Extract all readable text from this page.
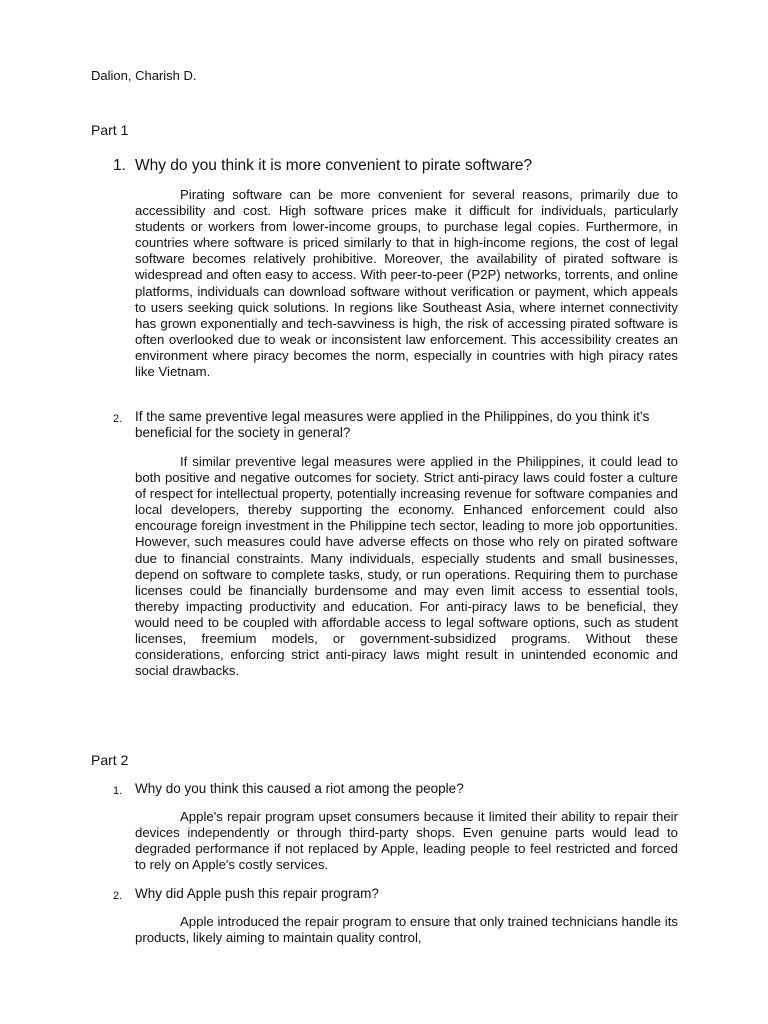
Dalion, Charish D.
Part 1
1. Why do you think it is more convenient to pirate software?

Pirating software can be more convenient for several reasons, primarily due to accessibility and cost. High software prices make it difficult for individuals, particularly students or workers from lower-income groups, to purchase legal copies. Furthermore, in countries where software is priced similarly to that in high-income regions, the cost of legal software becomes relatively prohibitive. Moreover, the availability of pirated software is widespread and often easy to access. With peer-to-peer (P2P) networks, torrents, and online platforms, individuals can download software without verification or payment, which appeals to users seeking quick solutions. In regions like Southeast Asia, where internet connectivity has grown exponentially and tech-savviness is high, the risk of accessing pirated software is often overlooked due to weak or inconsistent law enforcement. This accessibility creates an environment where piracy becomes the norm, especially in countries with high piracy rates like Vietnam.

2. If the same preventive legal measures were applied in the Philippines, do you think it's beneficial for the society in general?

If similar preventive legal measures were applied in the Philippines, it could lead to both positive and negative outcomes for society. Strict anti-piracy laws could foster a culture of respect for intellectual property, potentially increasing revenue for software companies and local developers, thereby supporting the economy. Enhanced enforcement could also encourage foreign investment in the Philippine tech sector, leading to more job opportunities. However, such measures could have adverse effects on those who rely on pirated software due to financial constraints. Many individuals, especially students and small businesses, depend on software to complete tasks, study, or run operations. Requiring them to purchase licenses could be financially burdensome and may even limit access to essential tools, thereby impacting productivity and education. For anti-piracy laws to be beneficial, they would need to be coupled with affordable access to legal software options, such as student licenses, freemium models, or government-subsidized programs. Without these considerations, enforcing strict anti-piracy laws might result in unintended economic and social drawbacks.

Part 2
1. Why do you think this caused a riot among the people?

Apple's repair program upset consumers because it limited their ability to repair their devices independently or through third-party shops. Even genuine parts would lead to degraded performance if not replaced by Apple, leading people to feel restricted and forced to rely on Apple's costly services.

2. Why did Apple push this repair program?

Apple introduced the repair program to ensure that only trained technicians handle its products, likely aiming to maintain quality control,
